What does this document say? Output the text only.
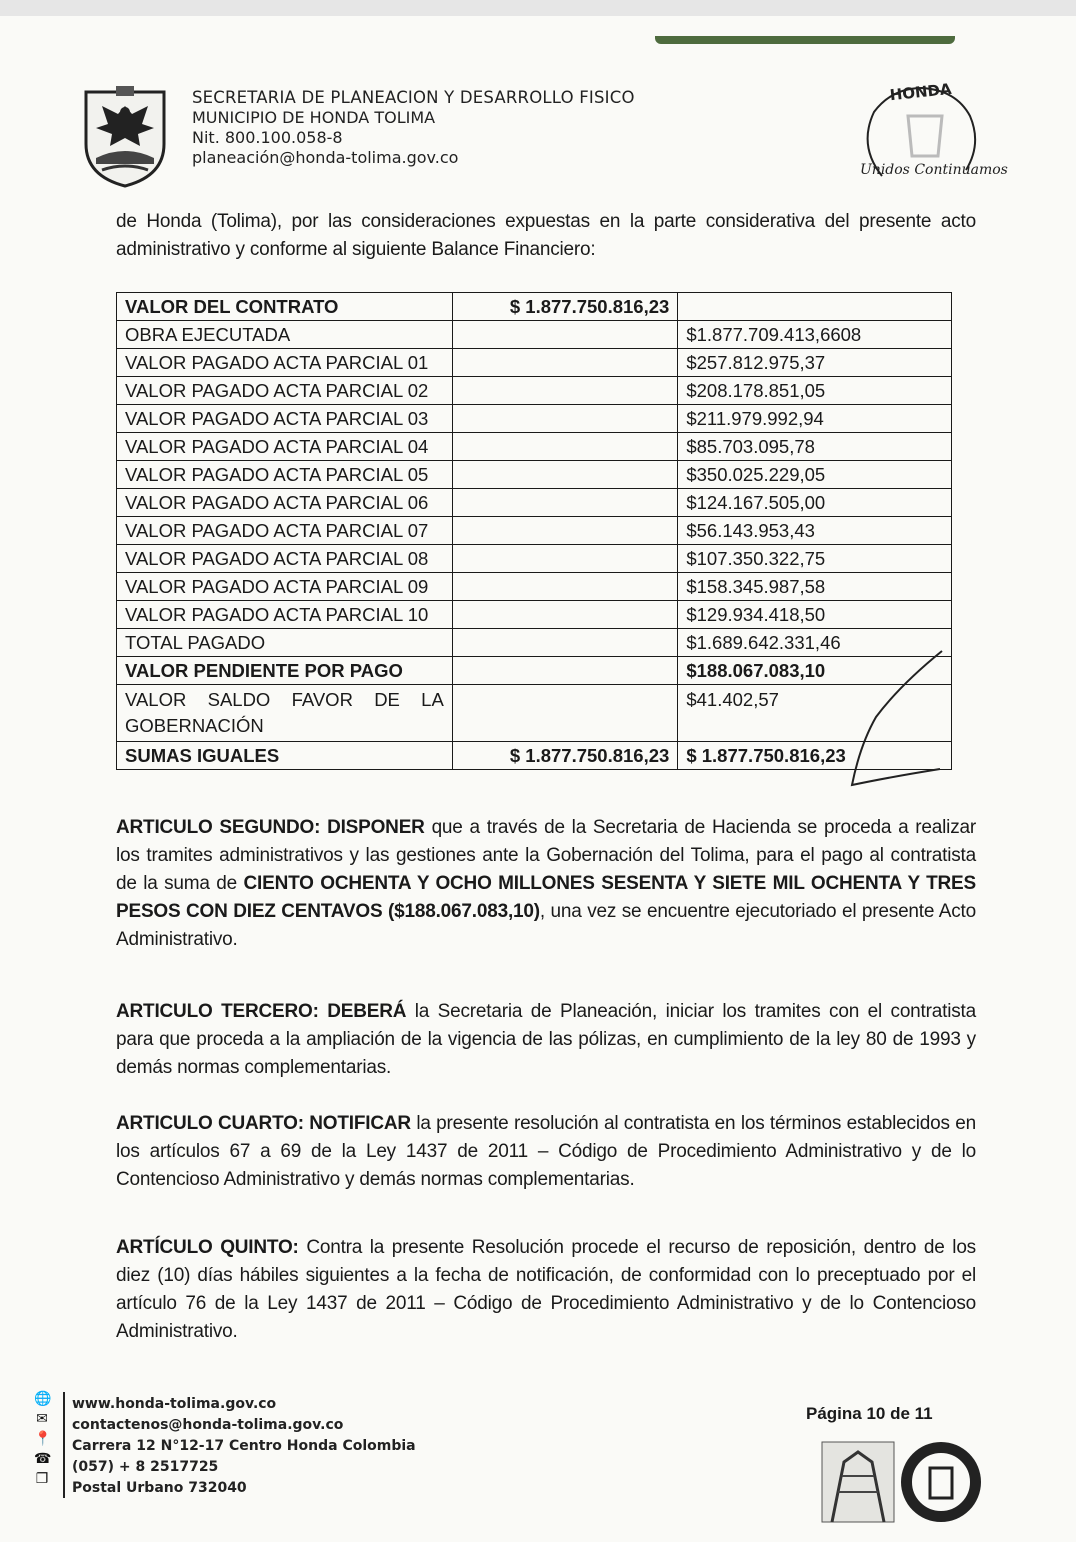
SECRETARIA DE PLANEACION Y DESARROLLO FISICO
MUNICIPIO DE HONDA TOLIMA
Nit. 800.100.058-8
planeación@honda-tolima.gov.co
HONDA
Unidos Continuamos
de Honda (Tolima), por las consideraciones expuestas en la parte considerativa del presente acto administrativo y conforme al siguiente Balance Financiero:
VALOR DEL CONTRATO	$ 1.877.750.816,23	
OBRA EJECUTADA		$1.877.709.413,6608
VALOR PAGADO ACTA PARCIAL 01		$257.812.975,37
VALOR PAGADO ACTA PARCIAL 02		$208.178.851,05
VALOR PAGADO ACTA PARCIAL 03		$211.979.992,94
VALOR PAGADO ACTA PARCIAL 04		$85.703.095,78
VALOR PAGADO ACTA PARCIAL 05		$350.025.229,05
VALOR PAGADO ACTA PARCIAL 06		$124.167.505,00
VALOR PAGADO ACTA PARCIAL 07		$56.143.953,43
VALOR PAGADO ACTA PARCIAL 08		$107.350.322,75
VALOR PAGADO ACTA PARCIAL 09		$158.345.987,58
VALOR PAGADO ACTA PARCIAL 10		$129.934.418,50
TOTAL PAGADO		$1.689.642.331,46
VALOR PENDIENTE POR PAGO		$188.067.083,10
VALOR SALDO FAVOR DE LA GOBERNACIÓN		$41.402,57
SUMAS IGUALES	$ 1.877.750.816,23	$ 1.877.750.816,23
ARTICULO SEGUNDO: DISPONER que a través de la Secretaria de Hacienda se proceda a realizar los tramites administrativos y las gestiones ante la Gobernación del Tolima, para el pago al contratista de la suma de CIENTO OCHENTA Y OCHO MILLONES SESENTA Y SIETE MIL OCHENTA Y TRES PESOS CON DIEZ CENTAVOS ($188.067.083,10), una vez se encuentre ejecutoriado el presente Acto Administrativo.
ARTICULO TERCERO: DEBERÁ la Secretaria de Planeación, iniciar los tramites con el contratista para que proceda a la ampliación de la vigencia de las pólizas, en cumplimiento de la ley 80 de 1993 y demás normas complementarias.
ARTICULO CUARTO: NOTIFICAR la presente resolución al contratista en los términos establecidos en los artículos 67 a 69 de la Ley 1437 de 2011 – Código de Procedimiento Administrativo y de lo Contencioso Administrativo y demás normas complementarias.
ARTÍCULO QUINTO: Contra la presente Resolución procede el recurso de reposición, dentro de los diez (10) días hábiles siguientes a la fecha de notificación, de conformidad con lo preceptuado por el artículo 76 de la Ley 1437 de 2011 – Código de Procedimiento Administrativo y de lo Contencioso Administrativo.
🌐
✉
📍
☎
❐
www.honda-tolima.gov.co
contactenos@honda-tolima.gov.co
Carrera 12 N°12-17 Centro Honda Colombia
(057) + 8 2517725
Postal Urbano 732040
Página 10 de 11
